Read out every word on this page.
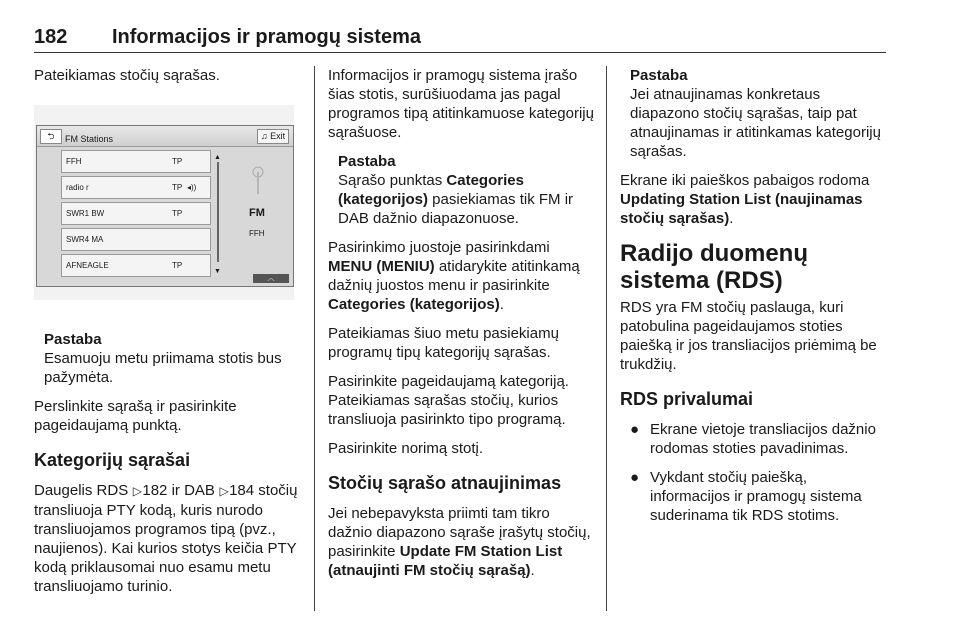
182 Informacijos ir pramogų sistema

Pateikiamas stočių sąrašas.

⮌	FM Stations	♫ Exit
FFH	TP
radio r	TP ◂))
SWR1 BW	TP
SWR4 MA
AFNEAGLE	TP
▲
▼
FM
FFH
︿
Pastaba
Esamuoju metu priimama stotis bus pažymėta.

Perslinkite sąrašą ir pasirinkite pageidaujamą punktą.

Kategorijų sąrašai

Daugelis RDS ▷182 ir DAB ▷184 stočių transliuoja PTY kodą, kuris nurodo transliuojamos programos tipą (pvz., naujienos). Kai kurios stotys keičia PTY kodą priklausomai nuo esamu metu transliuojamo turinio.

Informacijos ir pramogų sistema įrašo šias stotis, surūšiuodama jas pagal programos tipą atitinkamuose kategorijų sąrašuose.

Pastaba
Sąrašo punktas Categories (kategorijos) pasiekiamas tik FM ir DAB dažnio diapazonuose.

Pasirinkimo juostoje pasirinkdami MENU (MENIU) atidarykite atitinkamą dažnių juostos menu ir pasirinkite Categories (kategorijos).

Pateikiamas šiuo metu pasiekiamų programų tipų kategorijų sąrašas.

Pasirinkite pageidaujamą kategoriją. Pateikiamas sąrašas stočių, kurios transliuoja pasirinkto tipo programą.

Pasirinkite norimą stotį.

Stočių sąrašo atnaujinimas

Jei nebepavyksta priimti tam tikro dažnio diapazono sąraše įrašytų stočių, pasirinkite Update FM Station List (atnaujinti FM stočių sąrašą).

Pastaba
Jei atnaujinamas konkretaus diapazono stočių sąrašas, taip pat atnaujinamas ir atitinkamas kategorijų sąrašas.

Ekrane iki paieškos pabaigos rodoma Updating Station List (naujinamas stočių sąrašas).

Radijo duomenų sistema (RDS)

RDS yra FM stočių paslauga, kuri patobulina pageidaujamos stoties paiešką ir jos transliacijos priėmimą be trukdžių.

RDS privalumai
● Ekrane vietoje transliacijos dažnio rodomas stoties pavadinimas.
● Vykdant stočių paiešką, informacijos ir pramogų sistema suderinama tik RDS stotims.
